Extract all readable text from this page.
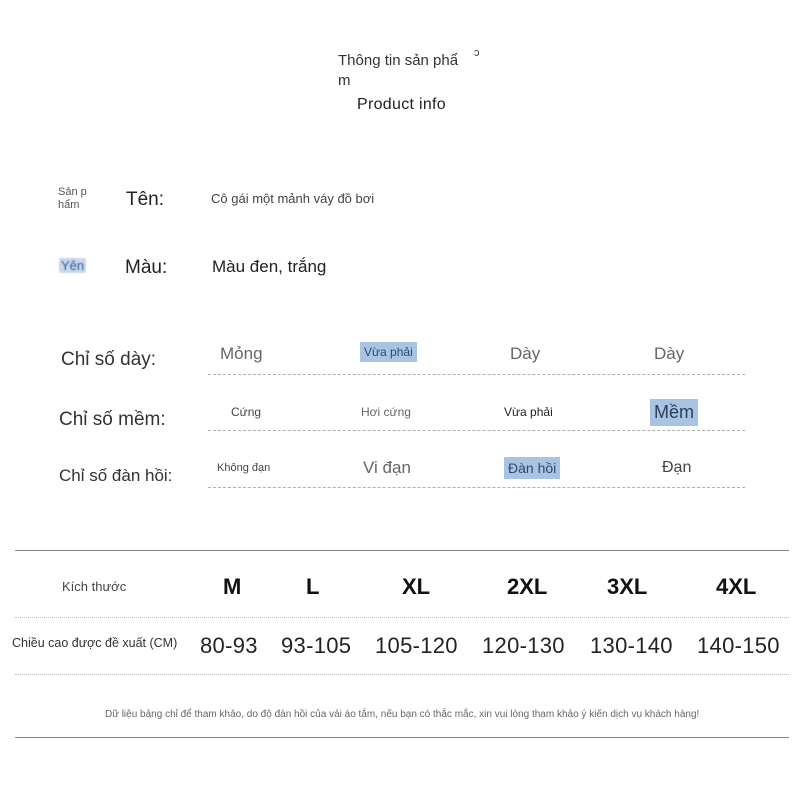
Thông tin sản phẩ ↄ
m
Product info
Sản p
hẩm	Tên:	Cô gái một mảnh váy đồ bơi
Yên Màu:	Màu đen, trắng
Chỉ số dày:	Mỏng	Vừa phải	Dày	Dày
Chỉ số mềm:	Cứng	Hơi cứng	Vừa phải	Mềm
Chỉ số đàn hồi:	Không đạn	Vi đạn	Đàn hồi	Đạn
Kích thước	M	L	XL	2XL	3XL	4XL
Chiều cao được đề xuất (CM) 80-93 93-105 105-120 120-130 130-140 140-150
Dữ liệu bảng chỉ để tham khảo, do độ đàn hồi của vải áo tắm, nếu bạn có thắc mắc, xin vui lòng tham khảo ý kiến dịch vụ khách hàng!
